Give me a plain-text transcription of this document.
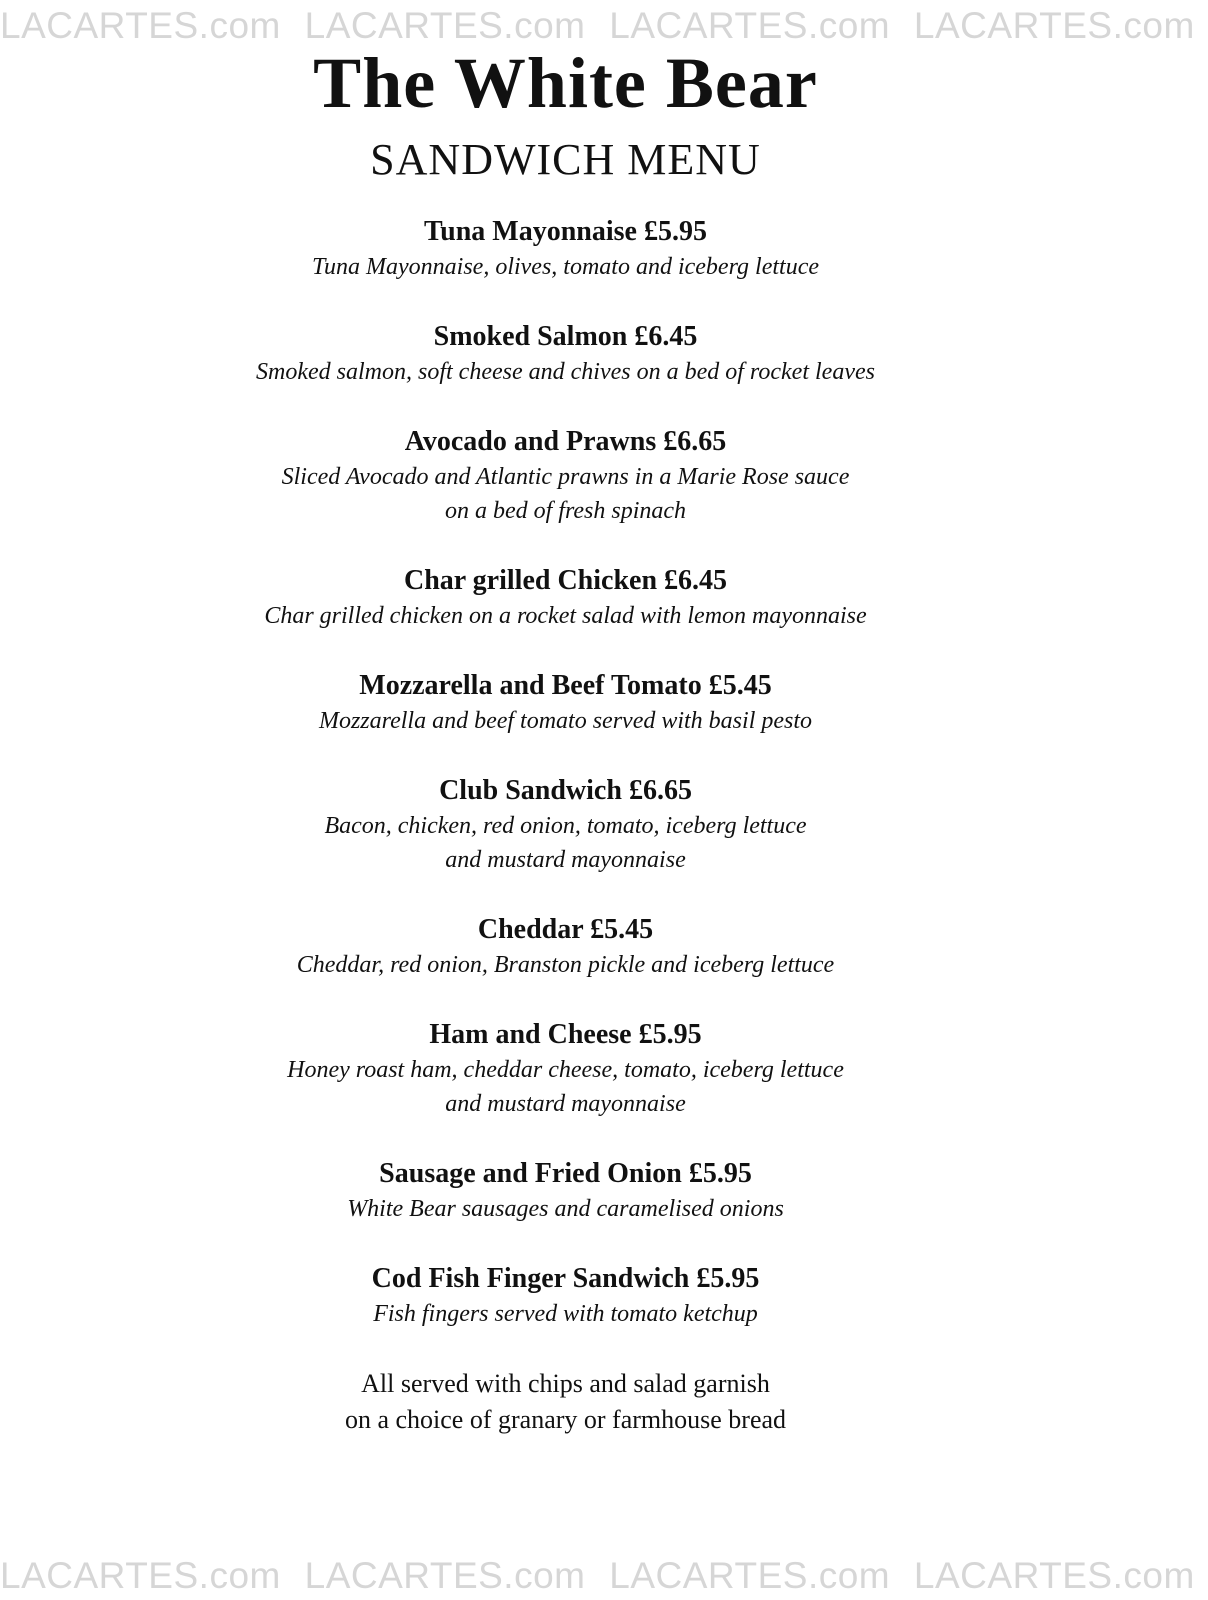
LACARTES.com LACARTES.com LACARTES.com LACARTES.com
The White Bear
SANDWICH MENU
Tuna Mayonnaise £5.95
Tuna Mayonnaise, olives, tomato and iceberg lettuce
Smoked Salmon £6.45
Smoked salmon, soft cheese and chives on a bed of rocket leaves
Avocado and Prawns £6.65
Sliced Avocado and Atlantic prawns in a Marie Rose sauce
on a bed of fresh spinach
Char grilled Chicken £6.45
Char grilled chicken on a rocket salad with lemon mayonnaise
Mozzarella and Beef Tomato £5.45
Mozzarella and beef tomato served with basil pesto
Club Sandwich £6.65
Bacon, chicken, red onion, tomato, iceberg lettuce
and mustard mayonnaise
Cheddar £5.45
Cheddar, red onion, Branston pickle and iceberg lettuce
Ham and Cheese £5.95
Honey roast ham, cheddar cheese, tomato, iceberg lettuce
and mustard mayonnaise
Sausage and Fried Onion £5.95
White Bear sausages and caramelised onions
Cod Fish Finger Sandwich £5.95
Fish fingers served with tomato ketchup
All served with chips and salad garnish
on a choice of granary or farmhouse bread
LACARTES.com LACARTES.com LACARTES.com LACARTES.com
